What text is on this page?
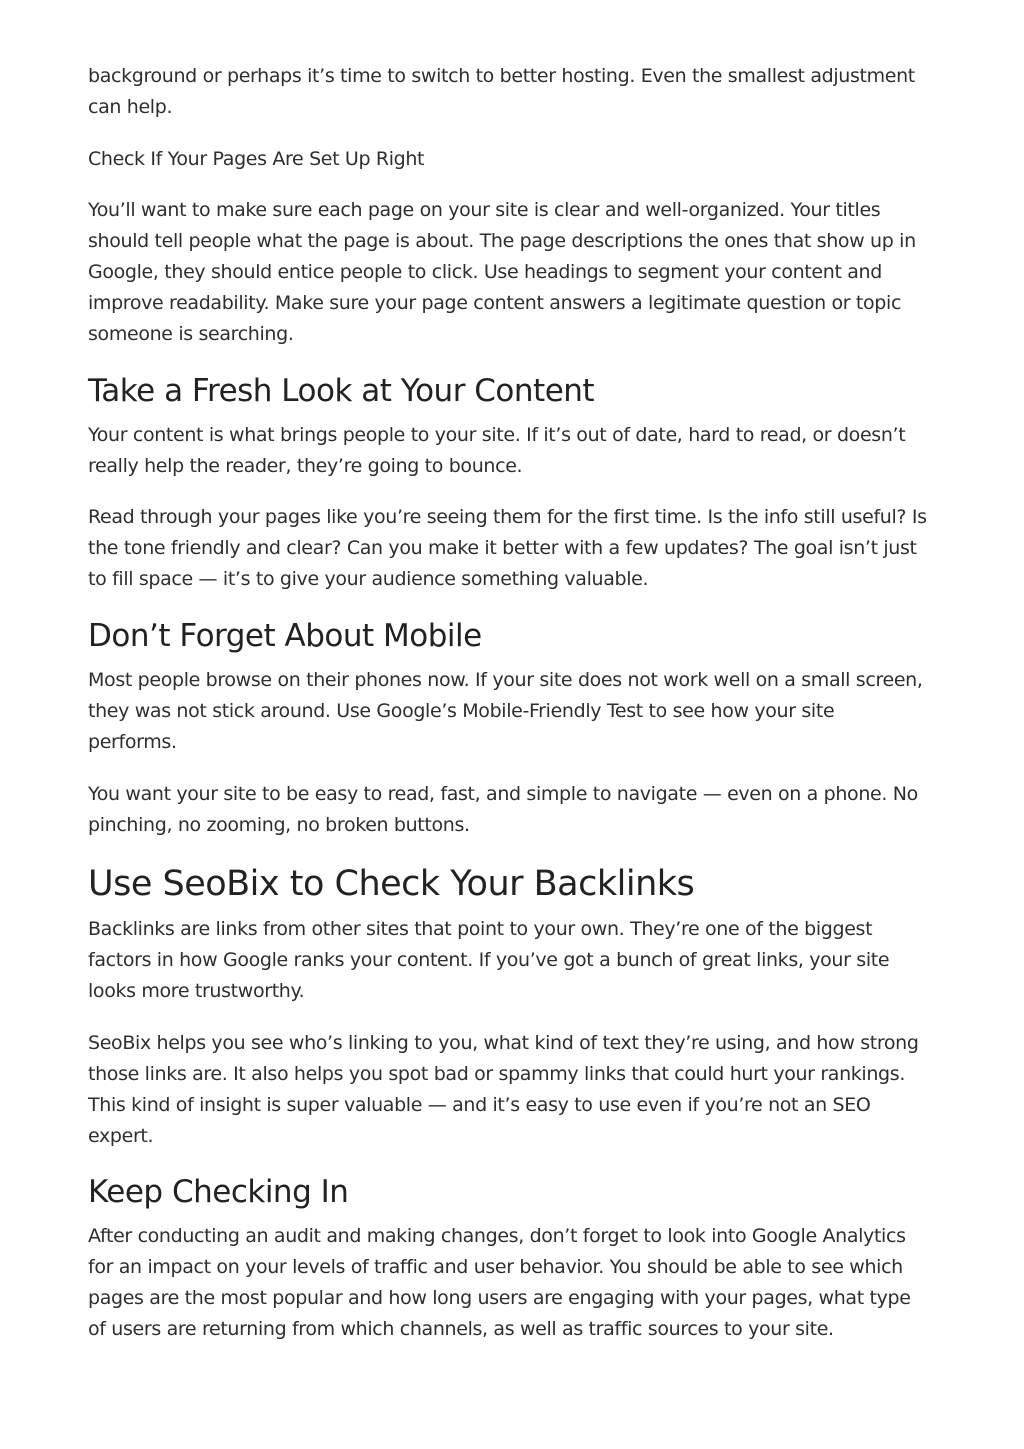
background or perhaps it’s time to switch to better hosting. Even the smallest adjustment can help.

Check If Your Pages Are Set Up Right

You’ll want to make sure each page on your site is clear and well-organized. Your titles should tell people what the page is about. The page descriptions the ones that show up in Google, they should entice people to click. Use headings to segment your content and improve readability. Make sure your page content answers a legitimate question or topic someone is searching.

Take a Fresh Look at Your Content

Your content is what brings people to your site. If it’s out of date, hard to read, or doesn’t really help the reader, they’re going to bounce.

Read through your pages like you’re seeing them for the first time. Is the info still useful? Is the tone friendly and clear? Can you make it better with a few updates? The goal isn’t just to fill space — it’s to give your audience something valuable.

Don’t Forget About Mobile

Most people browse on their phones now. If your site does not work well on a small screen, they was not stick around. Use Google’s Mobile-Friendly Test to see how your site performs.

You want your site to be easy to read, fast, and simple to navigate — even on a phone. No pinching, no zooming, no broken buttons.

Use SeoBix to Check Your Backlinks

Backlinks are links from other sites that point to your own. They’re one of the biggest factors in how Google ranks your content. If you’ve got a bunch of great links, your site looks more trustworthy.

SeoBix helps you see who’s linking to you, what kind of text they’re using, and how strong those links are. It also helps you spot bad or spammy links that could hurt your rankings. This kind of insight is super valuable — and it’s easy to use even if you’re not an SEO expert.

Keep Checking In

After conducting an audit and making changes, don’t forget to look into Google Analytics for an impact on your levels of traffic and user behavior. You should be able to see which pages are the most popular and how long users are engaging with your pages, what type of users are returning from which channels, as well as traffic sources to your site.
